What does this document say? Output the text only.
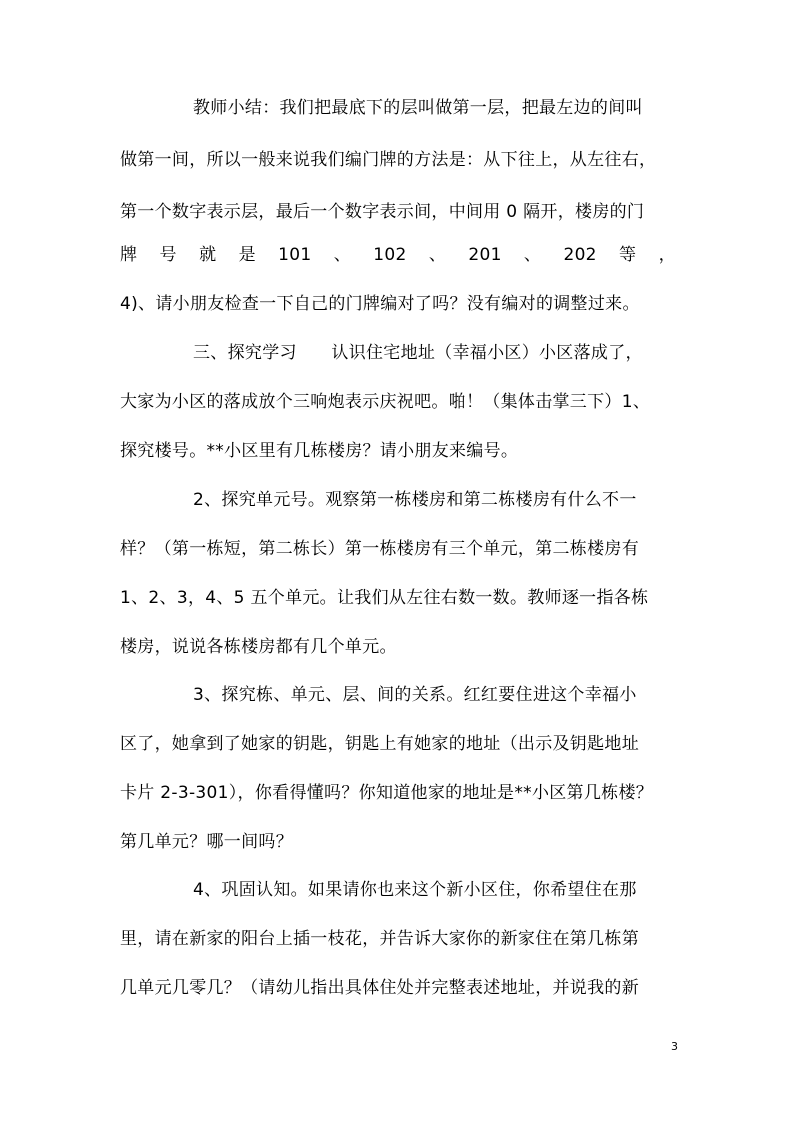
教师小结：我们把最底下的层叫做第一层，把最左边的间叫
做第一间，所以一般来说我们编门牌的方法是：从下往上，从左往右，
第一个数字表示层，最后一个数字表示间，中间用 0 隔开，楼房的门
牌 号 就 是 101 、 102 、 201 、 202 等 ，
4)、请小朋友检查一下自己的门牌编对了吗？没有编对的调整过来。
三、探究学习　　认识住宅地址（幸福小区）小区落成了，
大家为小区的落成放个三响炮表示庆祝吧。啪！（集体击掌三下）1、
探究楼号。**小区里有几栋楼房？请小朋友来编号。
2、探究单元号。观察第一栋楼房和第二栋楼房有什么不一
样？（第一栋短，第二栋长）第一栋楼房有三个单元，第二栋楼房有
1、2、3，4、5 五个单元。让我们从左往右数一数。教师逐一指各栋
楼房，说说各栋楼房都有几个单元。
3、探究栋、单元、层、间的关系。红红要住进这个幸福小
区了，她拿到了她家的钥匙，钥匙上有她家的地址（出示及钥匙地址
卡片 2-3-301），你看得懂吗？你知道他家的地址是**小区第几栋楼？
第几单元？哪一间吗？
4、巩固认知。如果请你也来这个新小区住，你希望住在那
里，请在新家的阳台上插一枝花，并告诉大家你的新家住在第几栋第
几单元几零几？（请幼儿指出具体住处并完整表述地址，并说我的新
3
